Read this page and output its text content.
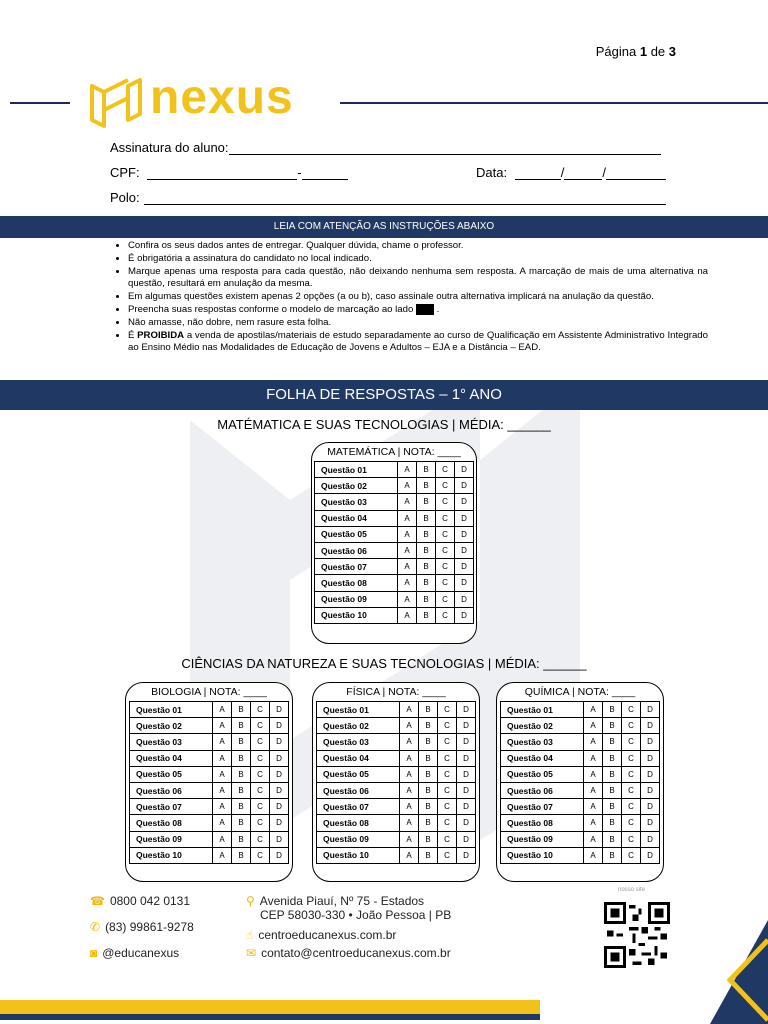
Página 1 de 3
nexus
Assinatura do aluno:
CPF:	-	Data:	/	/
Polo:
LEIA COM ATENÇÃO AS INSTRUÇÕES ABAIXO
• Confira os seus dados antes de entregar. Qualquer dúvida, chame o professor.
• É obrigatória a assinatura do candidato no local indicado.
• Marque apenas uma resposta para cada questão, não deixando nenhuma sem resposta. A marcação de mais de uma alternativa na questão, resultará em anulação da mesma.
• Em algumas questões existem apenas 2 opções (a ou b), caso assinale outra alternativa implicará na anulação da questão.
• Preencha suas respostas conforme o modelo de marcação ao lado  .
• Não amasse, não dobre, nem rasure esta folha.
• É PROIBIDA a venda de apostilas/materiais de estudo separadamente ao curso de Qualificação em Assistente Administrativo Integrado ao Ensino Médio nas Modalidades de Educação de Jovens e Adultos – EJA e a Distância – EAD.
FOLHA DE RESPOSTAS – 1° ANO
MATÉMATICA E SUAS TECNOLOGIAS | MÉDIA: ______
MATEMÁTICA | NOTA: ____
Questão 01	A	B	C	D
Questão 02	A	B	C	D
Questão 03	A	B	C	D
Questão 04	A	B	C	D
Questão 05	A	B	C	D
Questão 06	A	B	C	D
Questão 07	A	B	C	D
Questão 08	A	B	C	D
Questão 09	A	B	C	D
Questão 10	A	B	C	D
CIÊNCIAS DA NATUREZA E SUAS TECNOLOGIAS | MÉDIA: ______
BIOLOGIA | NOTA: ____
Questão 01	A	B	C	D
Questão 02	A	B	C	D
Questão 03	A	B	C	D
Questão 04	A	B	C	D
Questão 05	A	B	C	D
Questão 06	A	B	C	D
Questão 07	A	B	C	D
Questão 08	A	B	C	D
Questão 09	A	B	C	D
Questão 10	A	B	C	D
FÍSICA | NOTA: ____
Questão 01	A	B	C	D
Questão 02	A	B	C	D
Questão 03	A	B	C	D
Questão 04	A	B	C	D
Questão 05	A	B	C	D
Questão 06	A	B	C	D
Questão 07	A	B	C	D
Questão 08	A	B	C	D
Questão 09	A	B	C	D
Questão 10	A	B	C	D
QUÍMICA | NOTA: ____
Questão 01	A	B	C	D
Questão 02	A	B	C	D
Questão 03	A	B	C	D
Questão 04	A	B	C	D
Questão 05	A	B	C	D
Questão 06	A	B	C	D
Questão 07	A	B	C	D
Questão 08	A	B	C	D
Questão 09	A	B	C	D
Questão 10	A	B	C	D
☎ 0800 042 0131
✆ (83) 99861-9278
◙ @educanexus
⚲ Avenida Piauí, Nº 75 - Estados
CEP 58030-330 • João Pessoa | PB
☝ centroeducanexus.com.br
✉ contato@centroeducanexus.com.br
nosso site
